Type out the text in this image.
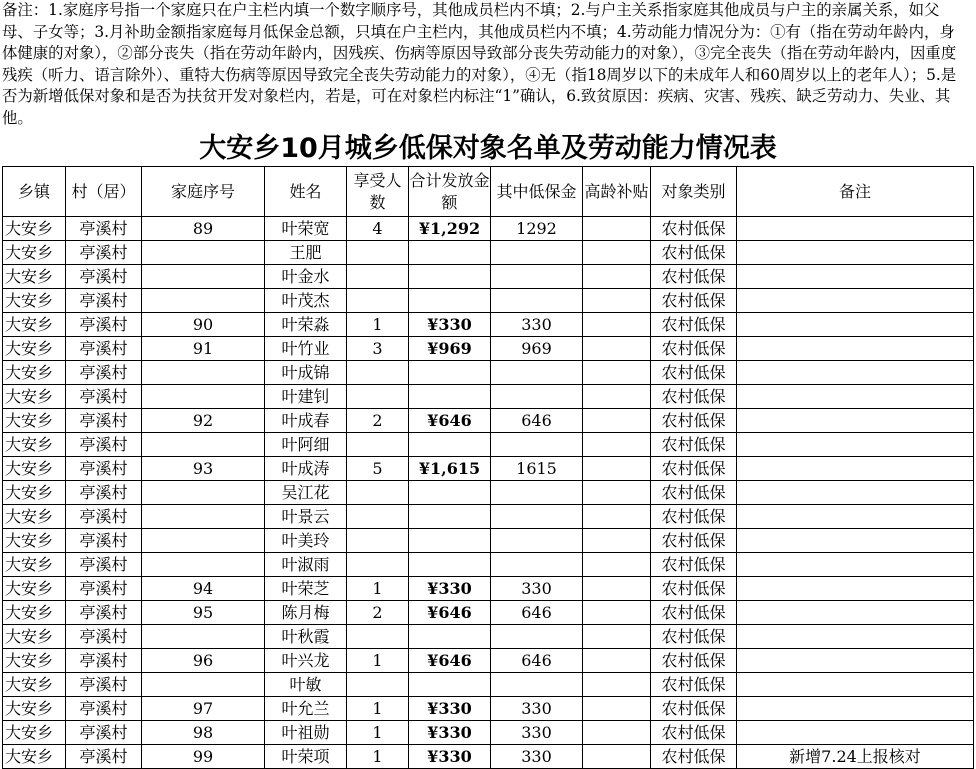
备注：1.家庭序号指一个家庭只在户主栏内填一个数字顺序号，其他成员栏内不填；2.与户主关系指家庭其他成员与户主的亲属关系，如父母、子女等；3.月补助金额指家庭每月低保金总额，只填在户主栏内，其他成员栏内不填；4.劳动能力情况分为：①有（指在劳动年龄内，身体健康的对象），②部分丧失（指在劳动年龄内，因残疾、伤病等原因导致部分丧失劳动能力的对象），③完全丧失（指在劳动年龄内，因重度残疾（听力、语言除外）、重特大伤病等原因导致完全丧失劳动能力的对象），④无（指18周岁以下的未成年人和60周岁以上的老年人）；5.是否为新增低保对象和是否为扶贫开发对象栏内，若是，可在对象栏内标注“1”确认，6.致贫原因：疾病、灾害、残疾、缺乏劳动力、失业、其他。
大安乡10月城乡低保对象名单及劳动能力情况表
乡镇	村（居）	家庭序号	姓名	享受人数	合计发放金额	其中低保金	高龄补贴	对象类别	备注
大安乡	亭溪村	89	叶荣宽	4	¥1,292	1292		农村低保	
大安乡	亭溪村		王肥					农村低保	
大安乡	亭溪村		叶金水					农村低保	
大安乡	亭溪村		叶茂杰					农村低保	
大安乡	亭溪村	90	叶荣淼	1	¥330	330		农村低保	
大安乡	亭溪村	91	叶竹业	3	¥969	969		农村低保	
大安乡	亭溪村		叶成锦					农村低保	
大安乡	亭溪村		叶建钊					农村低保	
大安乡	亭溪村	92	叶成春	2	¥646	646		农村低保	
大安乡	亭溪村		叶阿细					农村低保	
大安乡	亭溪村	93	叶成涛	5	¥1,615	1615		农村低保	
大安乡	亭溪村		吴江花					农村低保	
大安乡	亭溪村		叶景云					农村低保	
大安乡	亭溪村		叶美玲					农村低保	
大安乡	亭溪村		叶淑雨					农村低保	
大安乡	亭溪村	94	叶荣芝	1	¥330	330		农村低保	
大安乡	亭溪村	95	陈月梅	2	¥646	646		农村低保	
大安乡	亭溪村		叶秋霞					农村低保	
大安乡	亭溪村	96	叶兴龙	1	¥646	646		农村低保	
大安乡	亭溪村		叶敏					农村低保	
大安乡	亭溪村	97	叶允兰	1	¥330	330		农村低保	
大安乡	亭溪村	98	叶祖勋	1	¥330	330		农村低保	
大安乡	亭溪村	99	叶荣项	1	¥330	330		农村低保	新增7.24上报核对
